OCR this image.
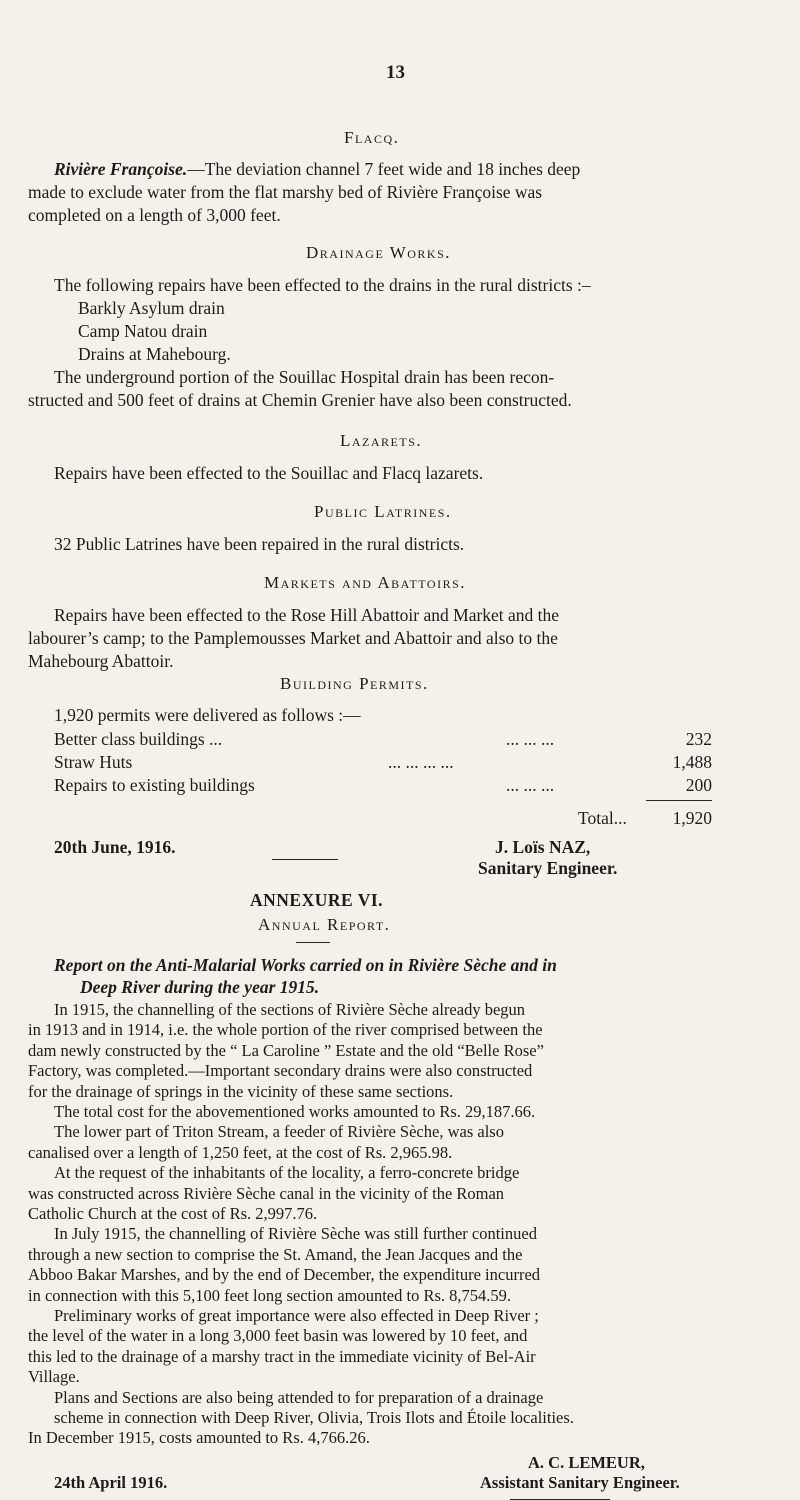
13
Flacq.
Rivière Françoise.—The deviation channel 7 feet wide and 18 inches deep
made to exclude water from the flat marshy bed of Rivière Françoise was
completed on a length of 3,000 feet.
Drainage Works.
The following repairs have been effected to the drains in the rural districts :–
Barkly Asylum drain
Camp Natou drain
Drains at Mahebourg.
The underground portion of the Souillac Hospital drain has been recon-
structed and 500 feet of drains at Chemin Grenier have also been constructed.
Lazarets.
Repairs have been effected to the Souillac and Flacq lazarets.
Public Latrines.
32 Public Latrines have been repaired in the rural districts.
Markets and Abattoirs.
Repairs have been effected to the Rose Hill Abattoir and Market and the
labourer’s camp; to the Pamplemousses Market and Abattoir and also to the
Mahebourg Abattoir.
Building Permits.
1,920 permits were delivered as follows :—
Better class buildings ...	... ... ...	232
Straw Huts	... ... ... ...	1,488
Repairs to existing buildings	... ... ...	200
Total...	1,920
20th June, 1916.	J. Loïs NAZ,
Sanitary Engineer.
ANNEXURE VI.
Annual Report.
Report on the Anti-Malarial Works carried on in Rivière Sèche and in
Deep River during the year 1915.
In 1915, the channelling of the sections of Rivière Sèche already begun
in 1913 and in 1914, i.e. the whole portion of the river comprised between the
dam newly constructed by the “ La Caroline ” Estate and the old “Belle Rose”
Factory, was completed.—Important secondary drains were also constructed
for the drainage of springs in the vicinity of these same sections.
The total cost for the abovementioned works amounted to Rs. 29,187.66.
The lower part of Triton Stream, a feeder of Rivière Sèche, was also
canalised over a length of 1,250 feet, at the cost of Rs. 2,965.98.
At the request of the inhabitants of the locality, a ferro-concrete bridge
was constructed across Rivière Sèche canal in the vicinity of the Roman
Catholic Church at the cost of Rs. 2,997.76.
In July 1915, the channelling of Rivière Sèche was still further continued
through a new section to comprise the St. Amand, the Jean Jacques and the
Abboo Bakar Marshes, and by the end of December, the expenditure incurred
in connection with this 5,100 feet long section amounted to Rs. 8,754.59.
Preliminary works of great importance were also effected in Deep River ;
the level of the water in a long 3,000 feet basin was lowered by 10 feet, and
this led to the drainage of a marshy tract in the immediate vicinity of Bel-Air
Village.
Plans and Sections are also being attended to for preparation of a drainage
scheme in connection with Deep River, Olivia, Trois Ilots and Étoile localities.
In December 1915, costs amounted to Rs. 4,766.26.
A. C. LEMEUR,
24th April 1916.	Assistant Sanitary Engineer.
